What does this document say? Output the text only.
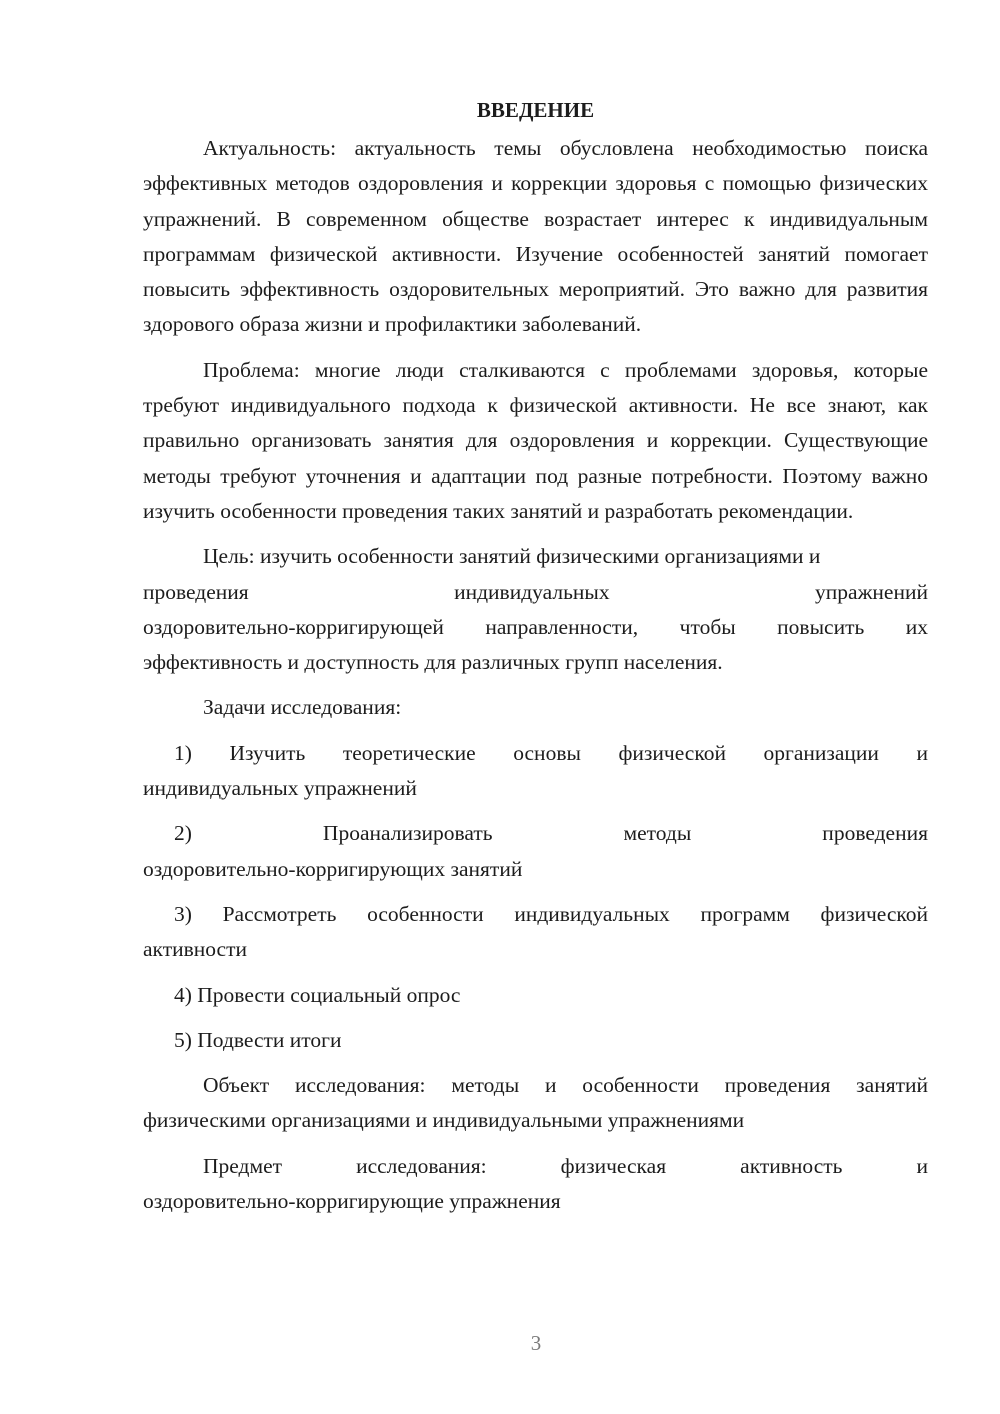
ВВЕДЕНИЕ

Актуальность: актуальность темы обусловлена необходимостью поиска эффективных методов оздоровления и коррекции здоровья с помощью физических упражнений. В современном обществе возрастает интерес к индивидуальным программам физической активности. Изучение особенностей занятий помогает повысить эффективность оздоровительных мероприятий. Это важно для развития здорового образа жизни и профилактики заболеваний.

Проблема: многие люди сталкиваются с проблемами здоровья, которые требуют индивидуального подхода к физической активности. Не все знают, как правильно организовать занятия для оздоровления и коррекции. Существующие методы требуют уточнения и адаптации под разные потребности. Поэтому важно изучить особенности проведения таких занятий и разработать рекомендации.

Цель: изучить особенности занятий физическими организациями и
проведения индивидуальных упражнений
оздоровительно-корригирующей направленности, чтобы повысить их эффективность и доступность для различных групп населения.

Задачи исследования:

1) Изучить теоретические основы физической организации и
индивидуальных упражнений

2) Проанализировать методы проведения
оздоровительно-корригирующих занятий

3) Рассмотреть особенности индивидуальных программ физической
активности

4) Провести социальный опрос

5) Подвести итоги

Объект исследования: методы и особенности проведения занятий физическими организациями и индивидуальными упражнениями

Предмет исследования: физическая активность и
оздоровительно-корригирующие упражнения

3
